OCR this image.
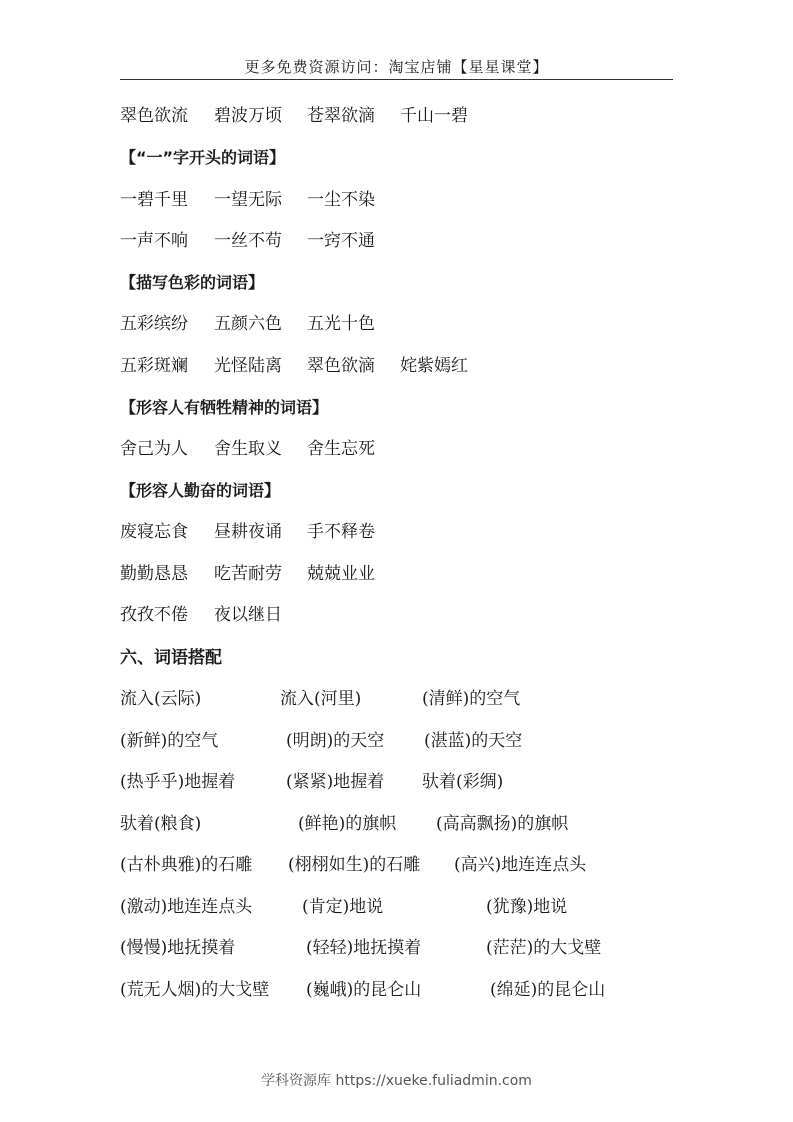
更多免费资源访问：淘宝店铺【星星课堂】
翠色欲流 碧波万顷 苍翠欲滴 千山一碧
【“一”字开头的词语】
一碧千里 一望无际 一尘不染
一声不响 一丝不苟 一窍不通
【描写色彩的词语】
五彩缤纷 五颜六色 五光十色
五彩斑斓 光怪陆离 翠色欲滴 姹紫嫣红
【形容人有牺牲精神的词语】
舍己为人 舍生取义 舍生忘死
【形容人勤奋的词语】
废寝忘食 昼耕夜诵 手不释卷
勤勤恳恳 吃苦耐劳 兢兢业业
孜孜不倦 夜以继日
六、词语搭配
流入(云际)	流入(河里)	(清鲜)的空气
(新鲜)的空气	(明朗)的天空 (湛蓝)的天空
(热乎乎)地握着	(紧紧)地握着 驮着(彩绸)
驮着(粮食)	(鲜艳)的旗帜 (高高飘扬)的旗帜
(古朴典雅)的石雕 (栩栩如生)的石雕 (高兴)地连连点头
(激动)地连连点头	(肯定)地说	(犹豫)地说
(慢慢)地抚摸着	(轻轻)地抚摸着	(茫茫)的大戈壁
(荒无人烟)的大戈壁 (巍峨)的昆仑山	(绵延)的昆仑山
学科资源库 https://xueke.fuliadmin.com
